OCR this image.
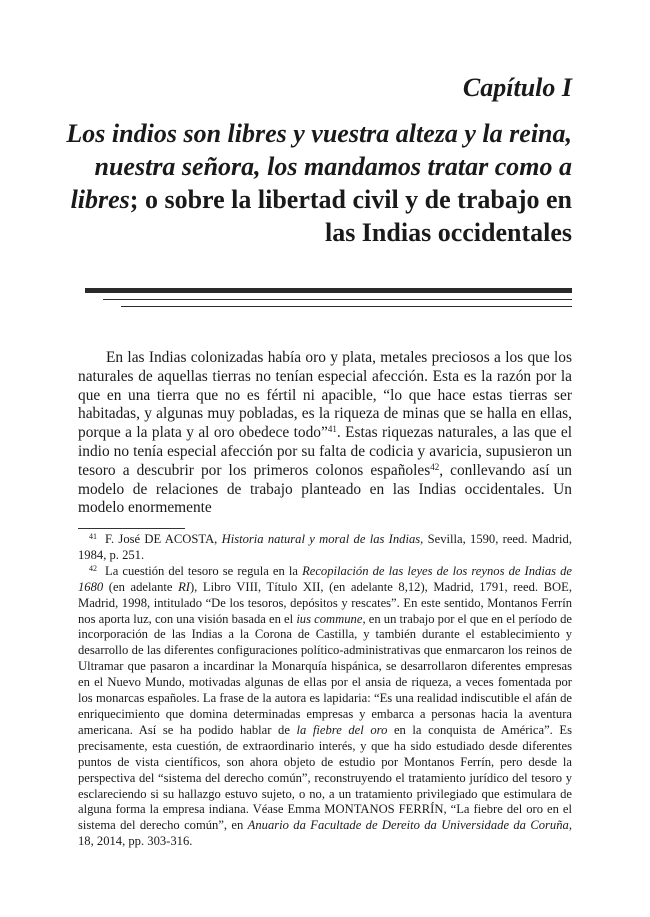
Capítulo I
Los indios son libres y vuestra alteza y la reina, nuestra señora, los mandamos tratar como a libres; o sobre la libertad civil y de trabajo en las Indias occidentales

En las Indias colonizadas había oro y plata, metales preciosos a los que los naturales de aquellas tierras no tenían especial afección. Esta es la razón por la que en una tierra que no es fértil ni apacible, “lo que hace estas tierras ser habitadas, y algunas muy pobladas, es la riqueza de minas que se halla en ellas, porque a la plata y al oro obedece todo”$^{41}$. Estas riquezas naturales, a las que el indio no tenía especial afección por su falta de codicia y avaricia, supusieron un tesoro a descubrir por los primeros colonos españoles$^{42}$, conllevando así un modelo de relaciones de trabajo planteado en las Indias occidentales. Un modelo enormemente

$^{41}$ F. José DE ACOSTA, Historia natural y moral de las Indias, Sevilla, 1590, reed. Madrid, 1984, p. 251.

$^{42}$ La cuestión del tesoro se regula en la Recopilación de las leyes de los reynos de Indias de 1680 (en adelante RI), Libro VIII, Título XII, (en adelante 8,12), Madrid, 1791, reed. BOE, Madrid, 1998, intitulado “De los tesoros, depósitos y rescates”. En este sentido, Montanos Ferrín nos aporta luz, con una visión basada en el ius commune, en un trabajo por el que en el período de incorporación de las Indias a la Corona de Castilla, y también durante el establecimiento y desarrollo de las diferentes configuraciones político-administrativas que enmarcaron los reinos de Ultramar que pasaron a incardinar la Monarquía hispánica, se desarrollaron diferentes empresas en el Nuevo Mundo, motivadas algunas de ellas por el ansia de riqueza, a veces fomentada por los monarcas españoles. La frase de la autora es lapidaria: “Es una realidad indiscutible el afán de enriquecimiento que domina determinadas empresas y embarca a personas hacia la aventura americana. Así se ha podido hablar de la fiebre del oro en la conquista de América”. Es precisamente, esta cuestión, de extraordinario interés, y que ha sido estudiado desde diferentes puntos de vista científicos, son ahora objeto de estudio por Montanos Ferrín, pero desde la perspectiva del “sistema del derecho común”, reconstruyendo el tratamiento jurídico del tesoro y esclareciendo si su hallazgo estuvo sujeto, o no, a un tratamiento privilegiado que estimulara de alguna forma la empresa indiana. Véase Emma MONTANOS FERRÍN, “La fiebre del oro en el sistema del derecho común”, en Anuario da Facultade de Dereito da Universidade da Coruña, 18, 2014, pp. 303-316.
